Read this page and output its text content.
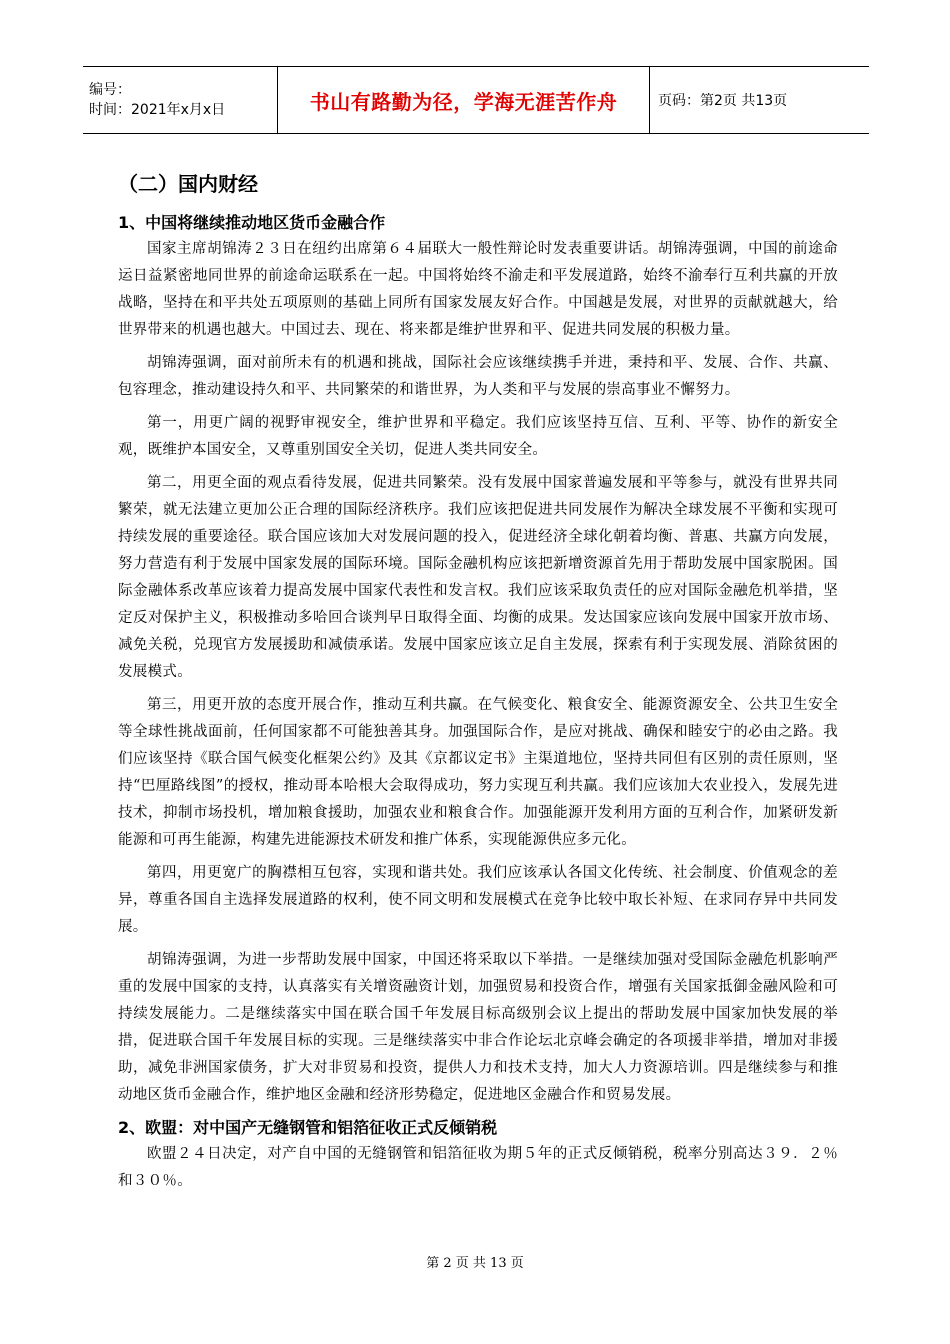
编号：
时间：2021年x月x日	书山有路勤为径，学海无涯苦作舟	页码：第2页 共13页
（二）国内财经
1、中国将继续推动地区货币金融合作

国家主席胡锦涛２３日在纽约出席第６４届联大一般性辩论时发表重要讲话。胡锦涛强调，中国的前途命运日益紧密地同世界的前途命运联系在一起。中国将始终不渝走和平发展道路，始终不渝奉行互利共赢的开放战略，坚持在和平共处五项原则的基础上同所有国家发展友好合作。中国越是发展，对世界的贡献就越大，给世界带来的机遇也越大。中国过去、现在、将来都是维护世界和平、促进共同发展的积极力量。

胡锦涛强调，面对前所未有的机遇和挑战，国际社会应该继续携手并进，秉持和平、发展、合作、共赢、包容理念，推动建设持久和平、共同繁荣的和谐世界，为人类和平与发展的崇高事业不懈努力。

第一，用更广阔的视野审视安全，维护世界和平稳定。我们应该坚持互信、互利、平等、协作的新安全观，既维护本国安全，又尊重别国安全关切，促进人类共同安全。

第二，用更全面的观点看待发展，促进共同繁荣。没有发展中国家普遍发展和平等参与，就没有世界共同繁荣，就无法建立更加公正合理的国际经济秩序。我们应该把促进共同发展作为解决全球发展不平衡和实现可持续发展的重要途径。联合国应该加大对发展问题的投入，促进经济全球化朝着均衡、普惠、共赢方向发展，努力营造有利于发展中国家发展的国际环境。国际金融机构应该把新增资源首先用于帮助发展中国家脱困。国际金融体系改革应该着力提高发展中国家代表性和发言权。我们应该采取负责任的应对国际金融危机举措，坚定反对保护主义，积极推动多哈回合谈判早日取得全面、均衡的成果。发达国家应该向发展中国家开放市场、减免关税，兑现官方发展援助和减债承诺。发展中国家应该立足自主发展，探索有利于实现发展、消除贫困的发展模式。

第三，用更开放的态度开展合作，推动互利共赢。在气候变化、粮食安全、能源资源安全、公共卫生安全等全球性挑战面前，任何国家都不可能独善其身。加强国际合作，是应对挑战、确保和睦安宁的必由之路。我们应该坚持《联合国气候变化框架公约》及其《京都议定书》主渠道地位，坚持共同但有区别的责任原则，坚持“巴厘路线图”的授权，推动哥本哈根大会取得成功，努力实现互利共赢。我们应该加大农业投入，发展先进技术，抑制市场投机，增加粮食援助，加强农业和粮食合作。加强能源开发利用方面的互利合作，加紧研发新能源和可再生能源，构建先进能源技术研发和推广体系，实现能源供应多元化。

第四，用更宽广的胸襟相互包容，实现和谐共处。我们应该承认各国文化传统、社会制度、价值观念的差异，尊重各国自主选择发展道路的权利，使不同文明和发展模式在竞争比较中取长补短、在求同存异中共同发展。

胡锦涛强调，为进一步帮助发展中国家，中国还将采取以下举措。一是继续加强对受国际金融危机影响严重的发展中国家的支持，认真落实有关增资融资计划，加强贸易和投资合作，增强有关国家抵御金融风险和可持续发展能力。二是继续落实中国在联合国千年发展目标高级别会议上提出的帮助发展中国家加快发展的举措，促进联合国千年发展目标的实现。三是继续落实中非合作论坛北京峰会确定的各项援非举措，增加对非援助，减免非洲国家债务，扩大对非贸易和投资，提供人力和技术支持，加大人力资源培训。四是继续参与和推动地区货币金融合作，维护地区金融和经济形势稳定，促进地区金融合作和贸易发展。

2、欧盟：对中国产无缝钢管和铝箔征收正式反倾销税

欧盟２４日决定，对产自中国的无缝钢管和铝箔征收为期５年的正式反倾销税，税率分别高达３９．２％和３０％。

第 2 页 共 13 页
